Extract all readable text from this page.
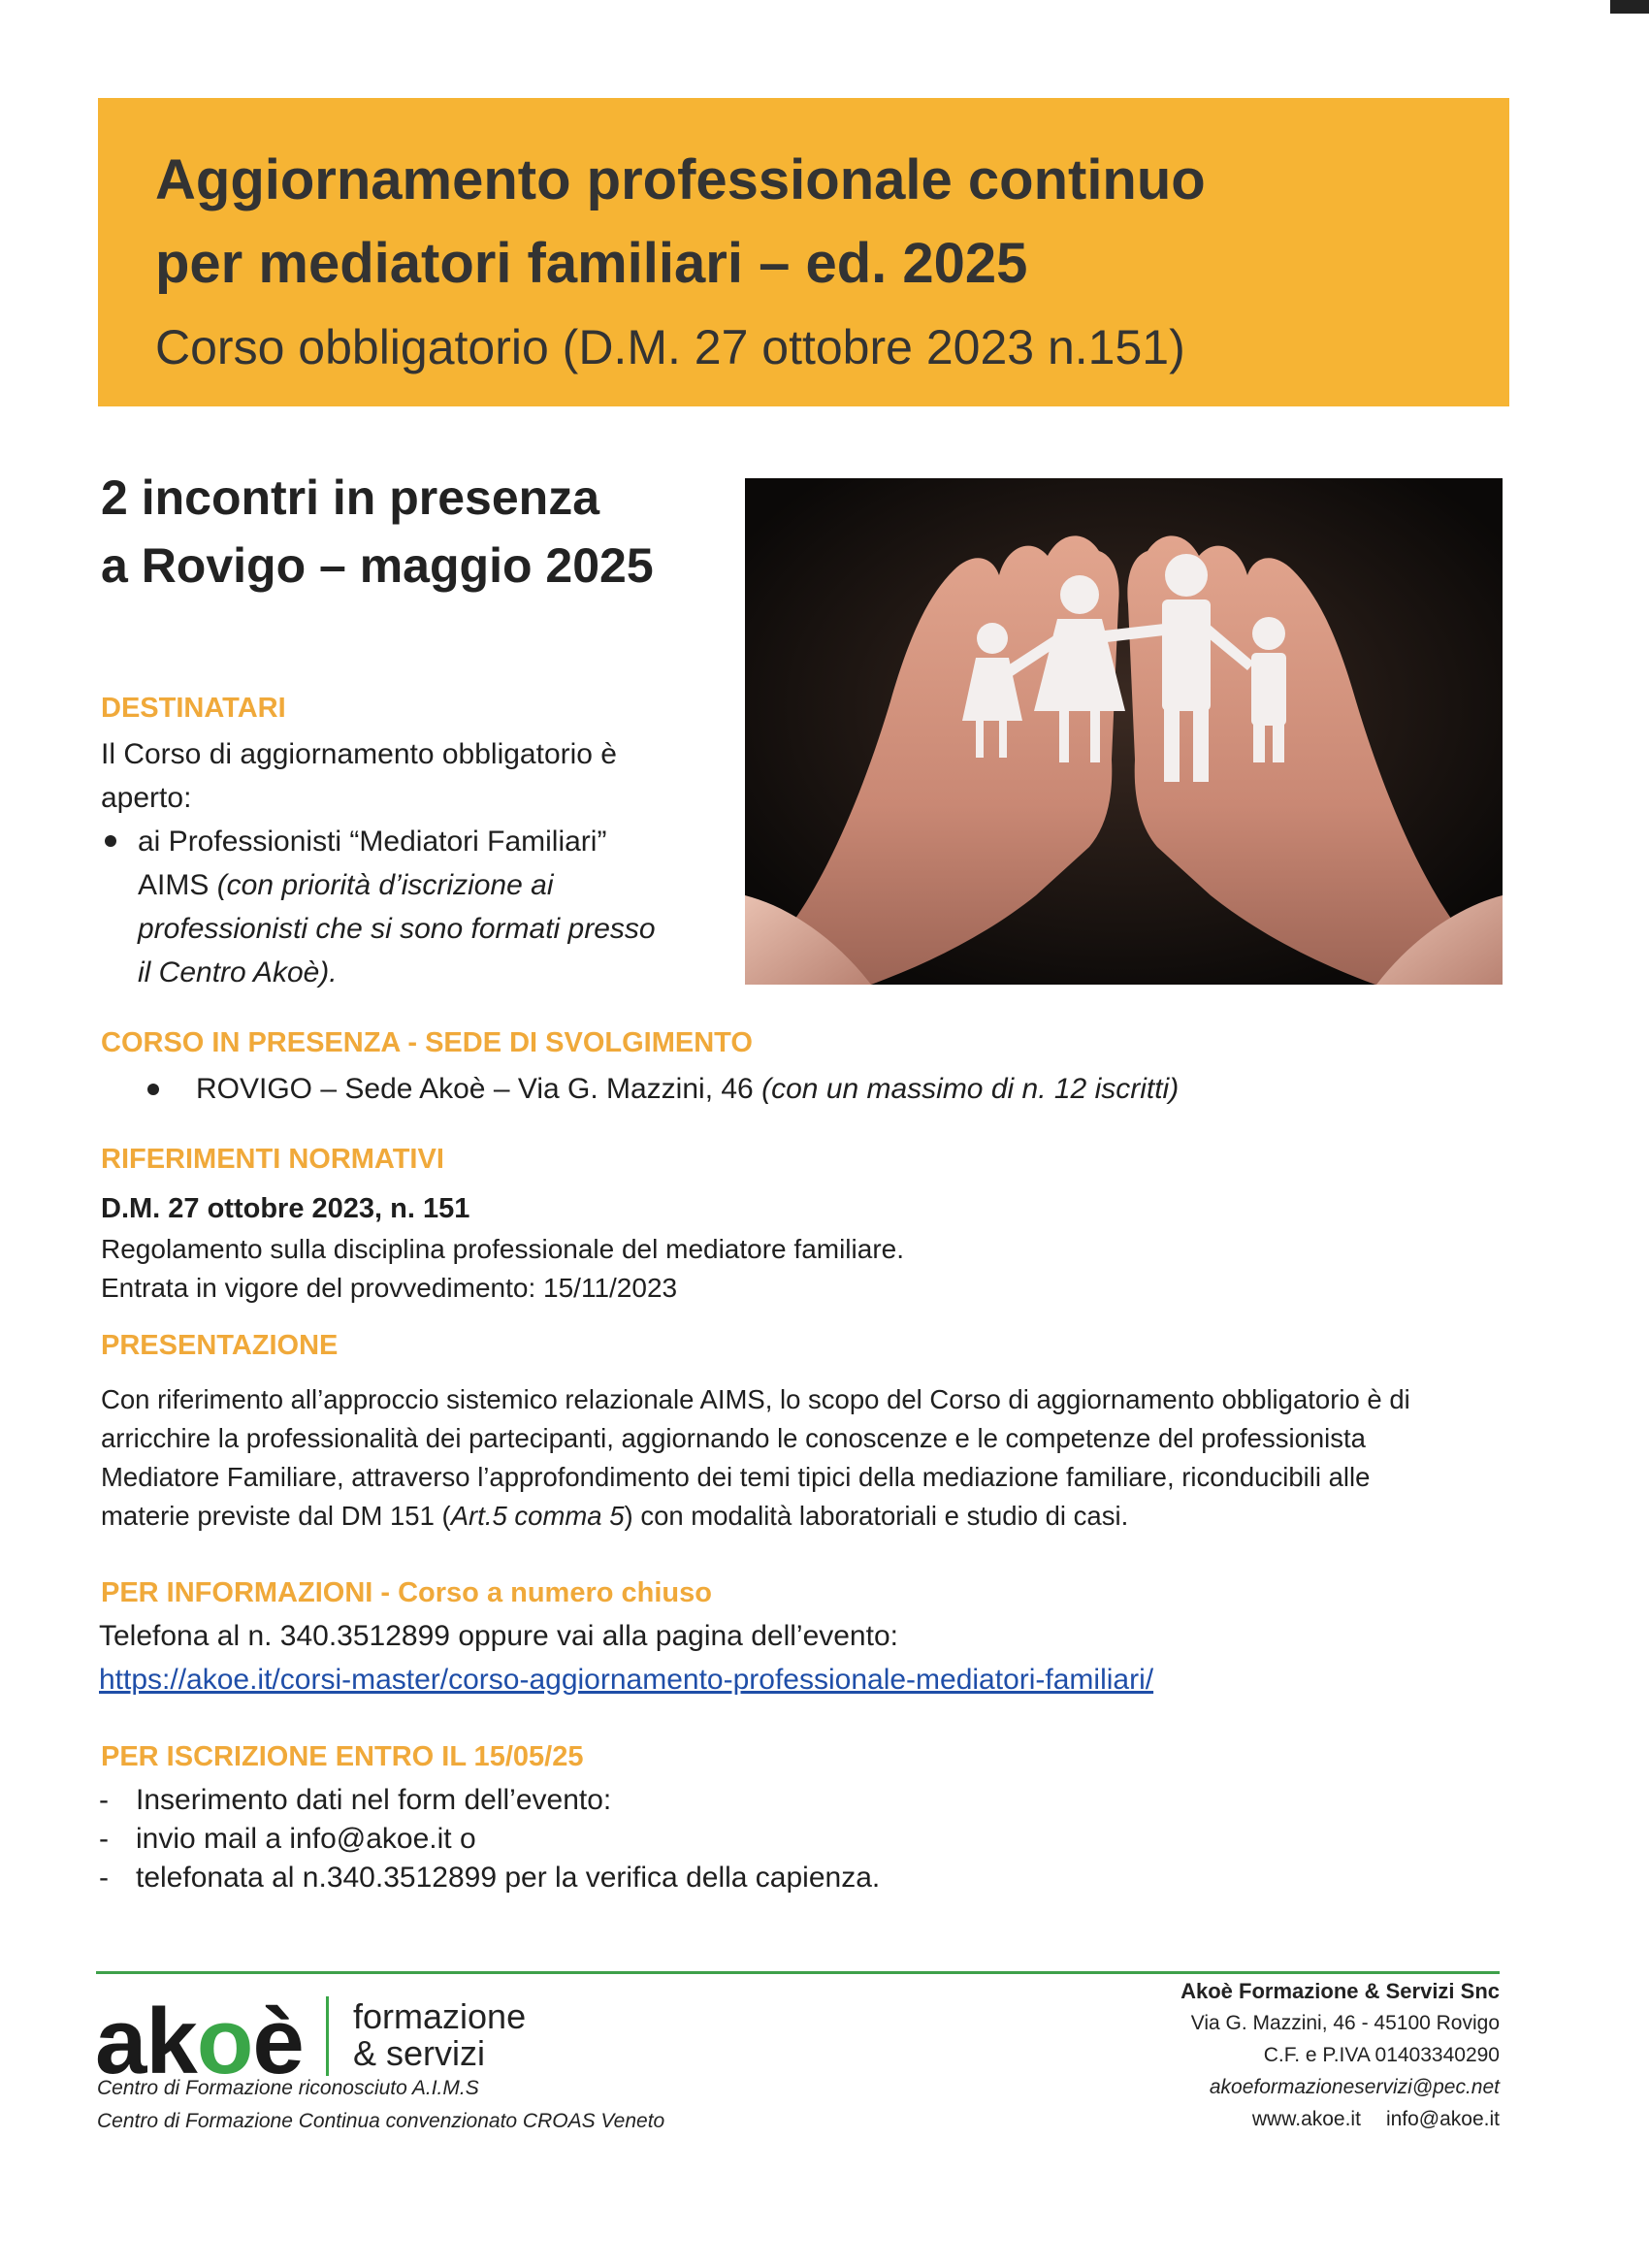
Aggiornamento professionale continuo
per mediatori familiari – ed. 2025
Corso obbligatorio (D.M. 27 ottobre 2023 n.151)
2 incontri in presenza
a Rovigo – maggio 2025
DESTINATARI
Il Corso di aggiornamento obbligatorio è
aperto:
ai Professionisti “Mediatori Familiari”
AIMS (con priorità d’iscrizione ai
professionisti che si sono formati presso
il Centro Akoè).
CORSO IN PRESENZA - SEDE DI SVOLGIMENTO
ROVIGO – Sede Akoè – Via G. Mazzini, 46 (con un massimo di n. 12 iscritti)
RIFERIMENTI NORMATIVI
D.M. 27 ottobre 2023, n. 151
Regolamento sulla disciplina professionale del mediatore familiare.
Entrata in vigore del provvedimento: 15/11/2023
PRESENTAZIONE
Con riferimento all’approccio sistemico relazionale AIMS, lo scopo del Corso di aggiornamento obbligatorio è di
arricchire la professionalità dei partecipanti, aggiornando le conoscenze e le competenze del professionista
Mediatore Familiare, attraverso l’approfondimento dei temi tipici della mediazione familiare, riconducibili alle
materie previste dal DM 151 (Art.5 comma 5) con modalità laboratoriali e studio di casi.
PER INFORMAZIONI - Corso a numero chiuso
Telefona al n. 340.3512899 oppure vai alla pagina dell’evento:
https://akoe.it/corsi-master/corso-aggiornamento-professionale-mediatori-familiari/
PER ISCRIZIONE ENTRO IL 15/05/25
- Inserimento dati nel form dell’evento:
- invio mail a info@akoe.it o
- telefonata al n.340.3512899 per la verifica della capienza.
akoè formazione
& servizi
Centro di Formazione riconosciuto A.I.M.S
Centro di Formazione Continua convenzionato CROAS Veneto
Akoè Formazione & Servizi Snc
Via G. Mazzini, 46 - 45100 Rovigo
C.F. e P.IVA 01403340290
akoeformazioneservizi@pec.net
www.akoe.it info@akoe.it
